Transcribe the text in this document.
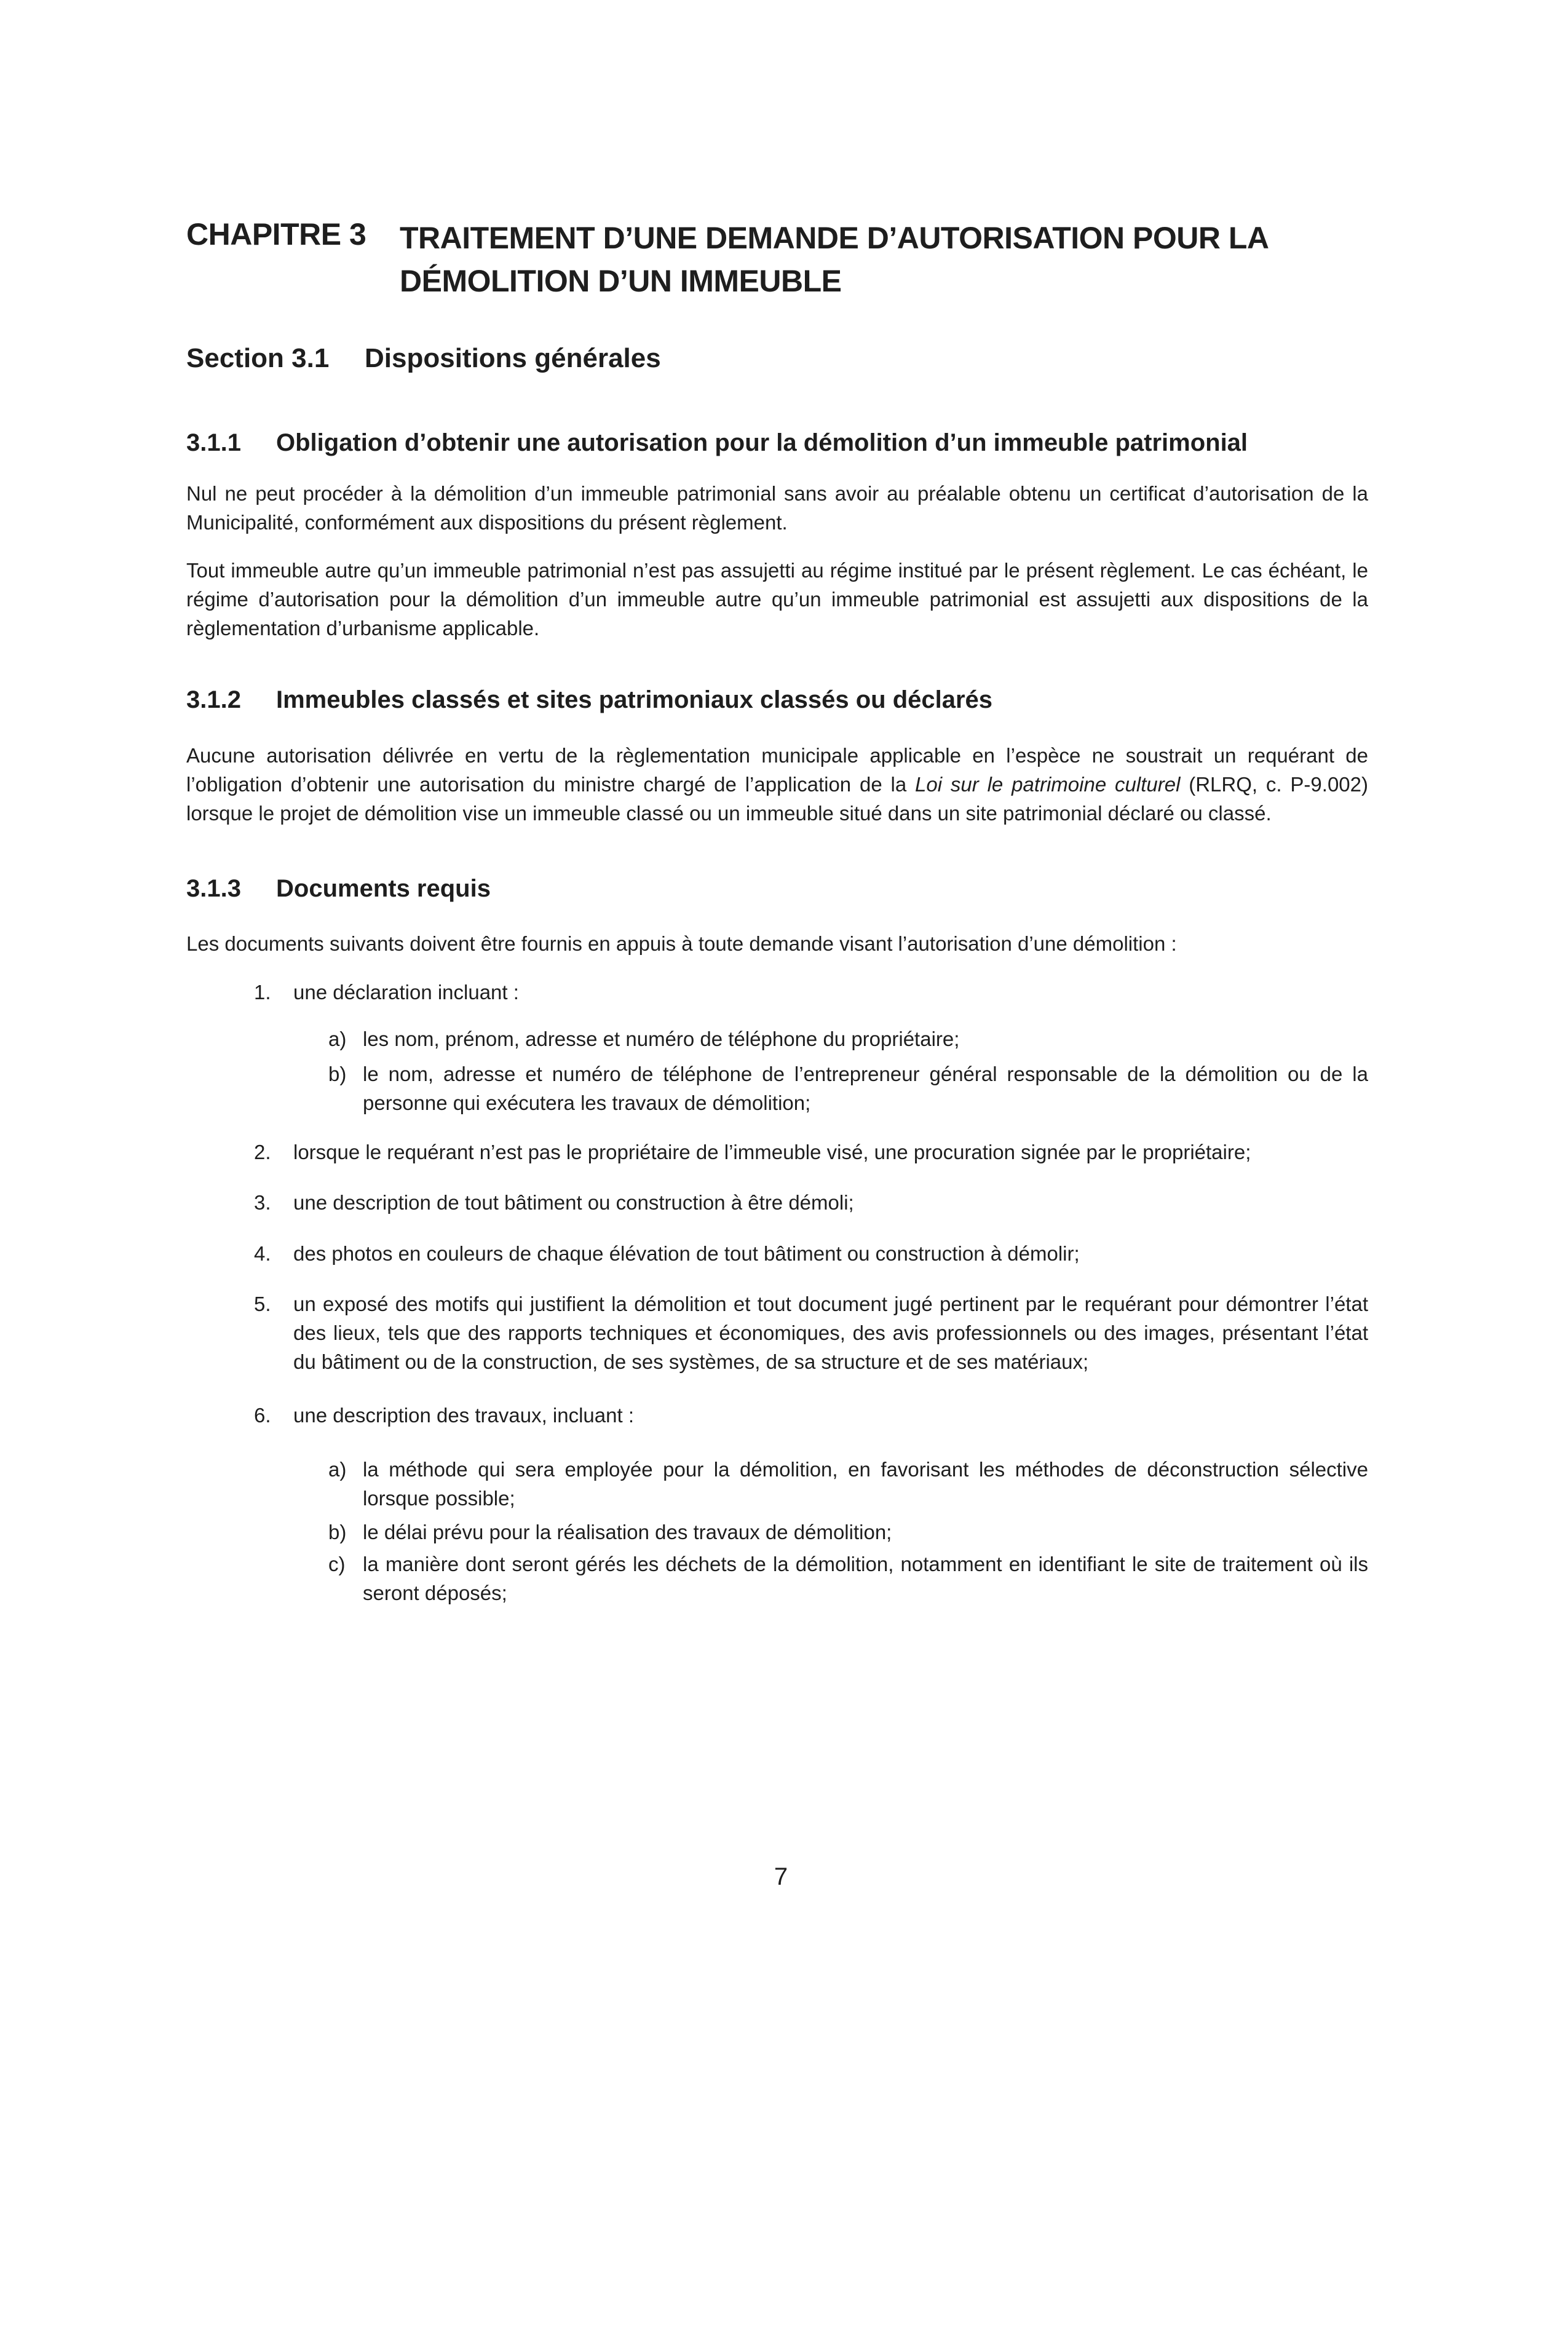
CHAPITRE 3 TRAITEMENT D’UNE DEMANDE D’AUTORISATION POUR LA DÉMOLITION D’UN IMMEUBLE
Section 3.1 Dispositions générales
3.1.1 Obligation d’obtenir une autorisation pour la démolition d’un immeuble patrimonial

Nul ne peut procéder à la démolition d’un immeuble patrimonial sans avoir au préalable obtenu un certificat d’autorisation de la Municipalité, conformément aux dispositions du présent règlement.

Tout immeuble autre qu’un immeuble patrimonial n’est pas assujetti au régime institué par le présent règlement. Le cas échéant, le régime d’autorisation pour la démolition d’un immeuble autre qu’un immeuble patrimonial est assujetti aux dispositions de la règlementation d’urbanisme applicable.

3.1.2 Immeubles classés et sites patrimoniaux classés ou déclarés

Aucune autorisation délivrée en vertu de la règlementation municipale applicable en l’espèce ne soustrait un requérant de l’obligation d’obtenir une autorisation du ministre chargé de l’application de la Loi sur le patrimoine culturel (RLRQ, c. P-9.002) lorsque le projet de démolition vise un immeuble classé ou un immeuble situé dans un site patrimonial déclaré ou classé.

3.1.3 Documents requis

Les documents suivants doivent être fournis en appuis à toute demande visant l’autorisation d’une démolition :

1. une déclaration incluant :
a) les nom, prénom, adresse et numéro de téléphone du propriétaire;
b) le nom, adresse et numéro de téléphone de l’entrepreneur général responsable de la démolition ou de la personne qui exécutera les travaux de démolition;
2. lorsque le requérant n’est pas le propriétaire de l’immeuble visé, une procuration signée par le propriétaire;
3. une description de tout bâtiment ou construction à être démoli;
4. des photos en couleurs de chaque élévation de tout bâtiment ou construction à démolir;
5. un exposé des motifs qui justifient la démolition et tout document jugé pertinent par le requérant pour démontrer l’état des lieux, tels que des rapports techniques et économiques, des avis professionnels ou des images, présentant l’état du bâtiment ou de la construction, de ses systèmes, de sa structure et de ses matériaux;
6. une description des travaux, incluant :
a) la méthode qui sera employée pour la démolition, en favorisant les méthodes de déconstruction sélective lorsque possible;
b) le délai prévu pour la réalisation des travaux de démolition;
c) la manière dont seront gérés les déchets de la démolition, notamment en identifiant le site de traitement où ils seront déposés;
7
